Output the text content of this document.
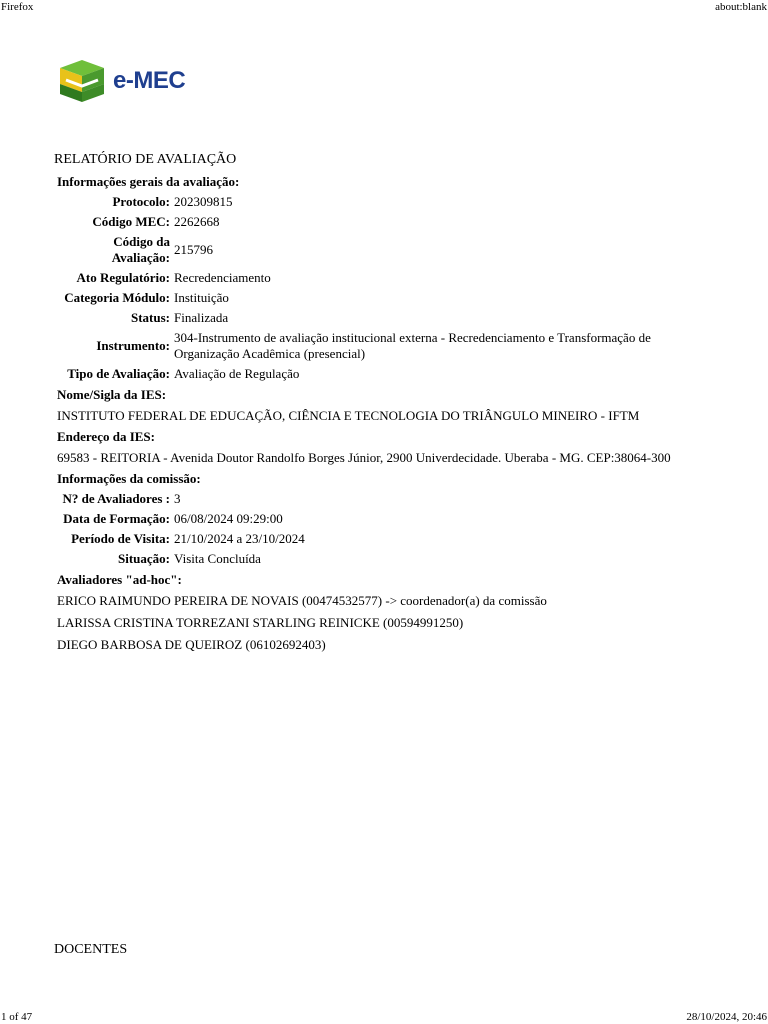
Firefox	about:blank
e-MEC
RELATÓRIO DE AVALIAÇÃO
Informações gerais da avaliação:
Protocolo:	202309815
Código MEC:	2262668
Código da Avaliação:	215796
Ato Regulatório:	Recredenciamento
Categoria Módulo:	Instituição
Status:	Finalizada
Instrumento:	304-Instrumento de avaliação institucional externa - Recredenciamento e Transformação de Organização Acadêmica (presencial)
Tipo de Avaliação:	Avaliação de Regulação
Nome/Sigla da IES:
INSTITUTO FEDERAL DE EDUCAÇÃO, CIÊNCIA E TECNOLOGIA DO TRIÂNGULO MINEIRO - IFTM
Endereço da IES:
69583 - REITORIA - Avenida Doutor Randolfo Borges Júnior, 2900 Univerdecidade. Uberaba - MG. CEP:38064-300
Informações da comissão:
N? de Avaliadores :	3
Data de Formação:	06/08/2024 09:29:00
Período de Visita:	21/10/2024 a 23/10/2024
Situação:	Visita Concluída
Avaliadores "ad-hoc":
ERICO RAIMUNDO PEREIRA DE NOVAIS (00474532577) -> coordenador(a) da comissão
LARISSA CRISTINA TORREZANI STARLING REINICKE (00594991250)
DIEGO BARBOSA DE QUEIROZ (06102692403)
DOCENTES
1 of 47	28/10/2024, 20:46
